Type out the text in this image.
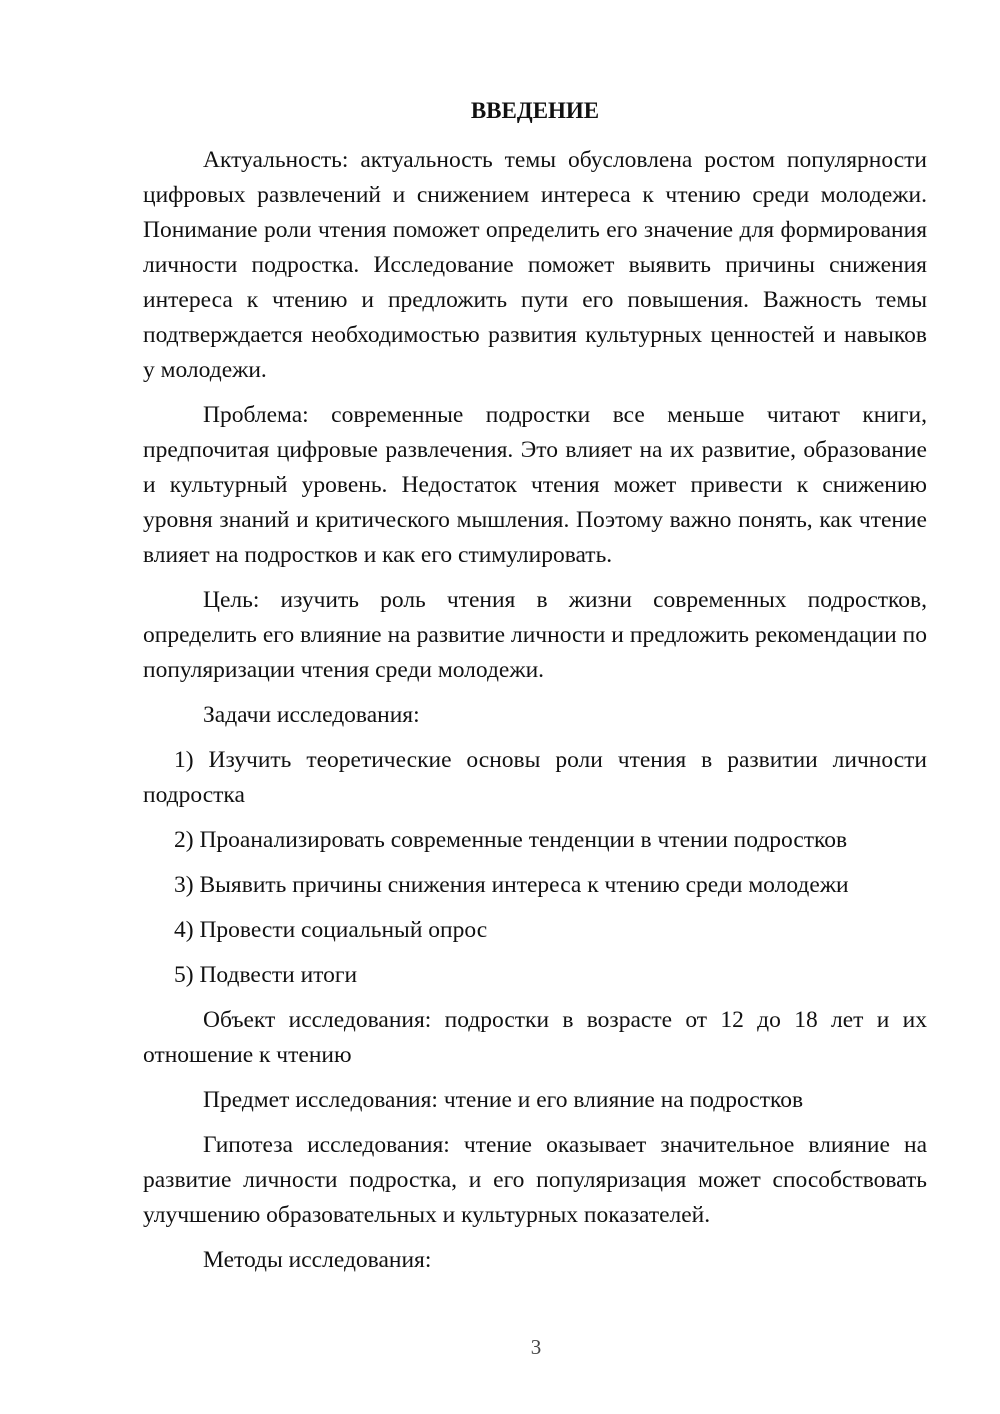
ВВЕДЕНИЕ
Актуальность: актуальность темы обусловлена ростом популярности цифровых развлечений и снижением интереса к чтению среди молодежи. Понимание роли чтения поможет определить его значение для формирования личности подростка. Исследование поможет выявить причины снижения интереса к чтению и предложить пути его повышения. Важность темы подтверждается необходимостью развития культурных ценностей и навыков у молодежи.
Проблема: современные подростки все меньше читают книги, предпочитая цифровые развлечения. Это влияет на их развитие, образование и культурный уровень. Недостаток чтения может привести к снижению уровня знаний и критического мышления. Поэтому важно понять, как чтение влияет на подростков и как его стимулировать.
Цель: изучить роль чтения в жизни современных подростков, определить его влияние на развитие личности и предложить рекомендации по популяризации чтения среди молодежи.
Задачи исследования:
1) Изучить теоретические основы роли чтения в развитии личности подростка
2) Проанализировать современные тенденции в чтении подростков
3) Выявить причины снижения интереса к чтению среди молодежи
4) Провести социальный опрос
5) Подвести итоги
Объект исследования: подростки в возрасте от 12 до 18 лет и их отношение к чтению
Предмет исследования: чтение и его влияние на подростков
Гипотеза исследования: чтение оказывает значительное влияние на развитие личности подростка, и его популяризация может способствовать улучшению образовательных и культурных показателей.
Методы исследования:
3
